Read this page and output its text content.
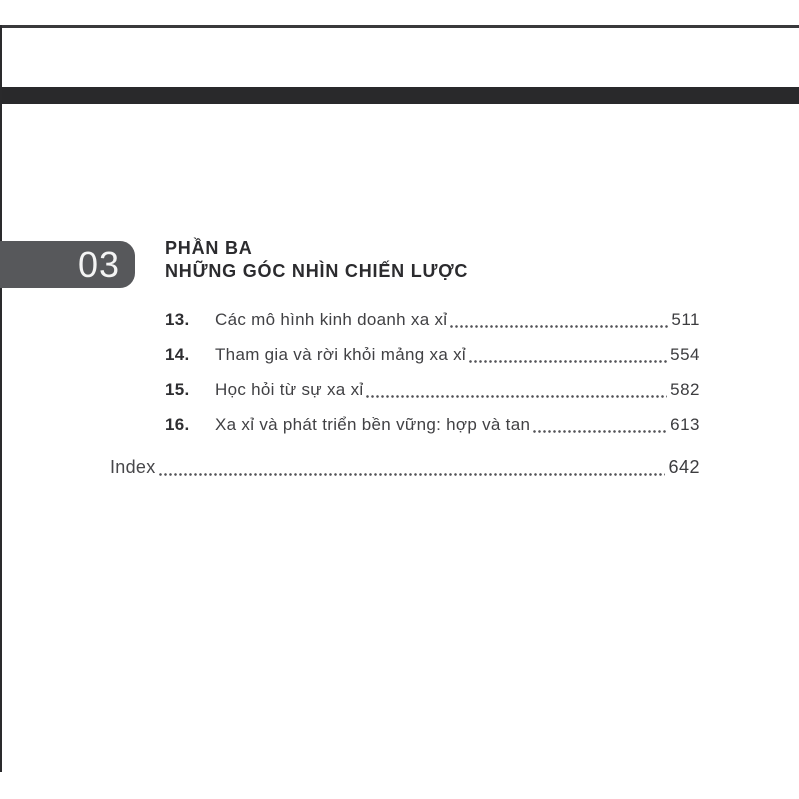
03	PHẦN BA
NHỮNG GÓC NHÌN CHIẾN LƯỢC
13.	Các mô hình kinh doanh xa xỉ	511
14.	Tham gia và rời khỏi mảng xa xỉ	554
15.	Học hỏi từ sự xa xỉ	582
16.	Xa xỉ và phát triển bền vững: hợp và tan	613
Index	642
